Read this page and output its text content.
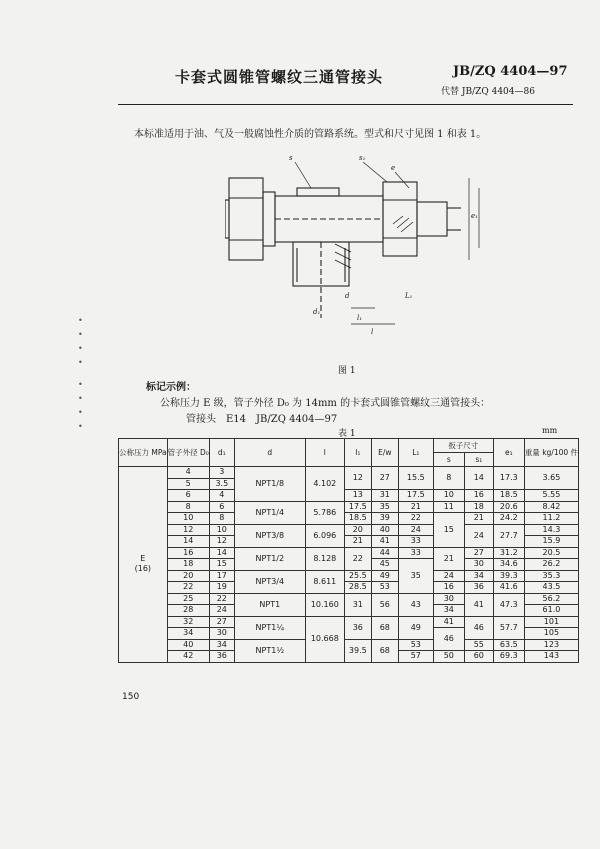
卡套式圆锥管螺纹三通管接头	JB/ZQ 4404—97
代替 JB/ZQ 4404—86
本标准适用于油、气及一般腐蚀性介质的管路系统。型式和尺寸见图 1 和表 1。
s	s₁
e
e₁
d
d₁
l₁
l
L₁
图 1
标记示例：
公称压力 E 级，管子外径 D₀ 为 14mm 的卡套式圆锥管螺纹三通管接头：
管接头　E14　JB/ZQ 4404—97
表 1	mm
公称压力 MPa	管子外径 D₀	d₁	d	l	l₁	E/w	L₁	扳子尺寸		e₁	重量 kg/100 件
								s	s₁		

E
(16)	4	3	NPT1/8	4.102	12	27	15.5	8	14	17.3	3.65
	5	3.5									
	6	4			13	31	17.5	10	16	18.5	5.55
	8	6	NPT1/4	5.786	17.5	35	21	11	18	20.6	8.42
	10	8			18.5	39	22	15	21	24.2	11.2
	12	10	NPT3/8	6.096	20	40	24		24	27.7	14.3
	14	12			21	41	33				15.9
	16	14	NPT1/2	8.128	22	44	33	21	27	31.2	20.5
	18	15				45	35		30	34.6	26.2
	20	17	NPT3/4	8.611	25.5	49		24	34	39.3	35.3
	22	19			28.5	53		16	36	41.6	43.5
	25	22	NPT1	10.160	31	56	43	30	41	47.3	56.2
	28	24						34			61.0
	32	27	NPT1¼	10.668	36	68	49	41	46	57.7	101
	34	30						46			105
	40	34	NPT1½		39.5	68	53		55	63.5	123
	42	36					57	50	60	69.3	143
150
•
•
•
•
•
•
•
•
